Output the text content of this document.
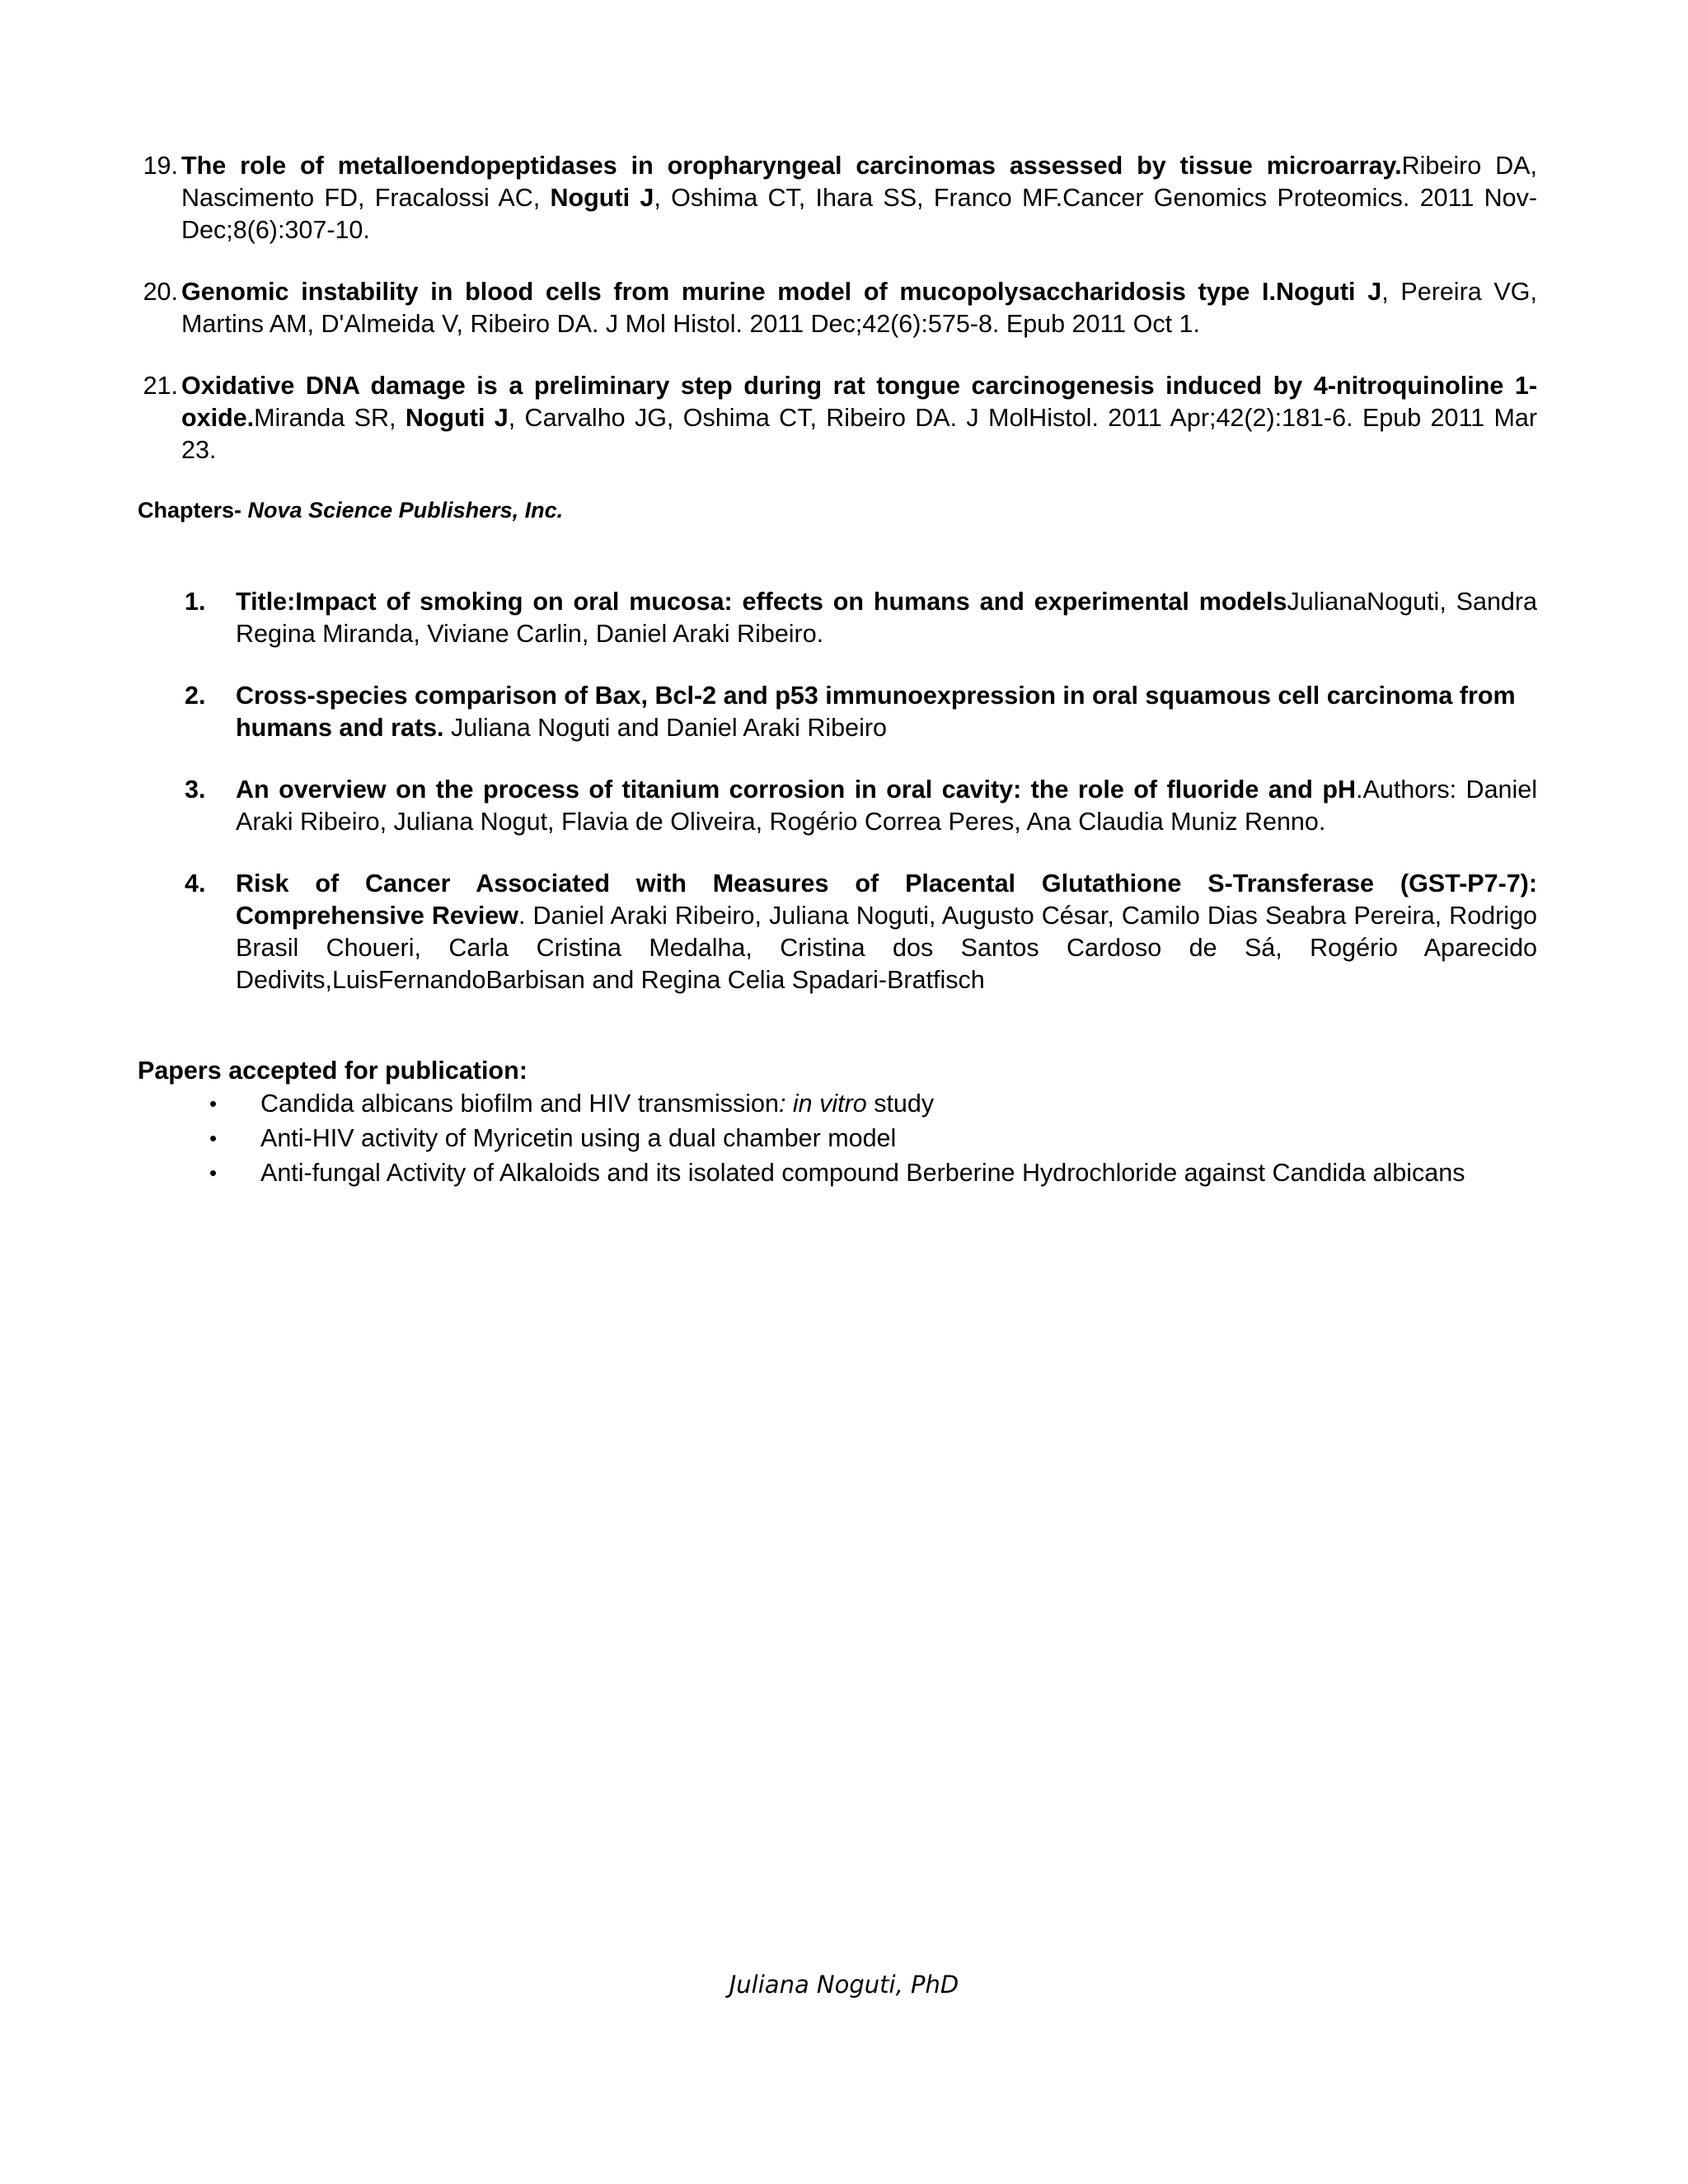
19. The role of metalloendopeptidases in oropharyngeal carcinomas assessed by tissue microarray.Ribeiro DA, Nascimento FD, Fracalossi AC, Noguti J, Oshima CT, Ihara SS, Franco MF.Cancer Genomics Proteomics. 2011 Nov-Dec;8(6):307-10.
20. Genomic instability in blood cells from murine model of mucopolysaccharidosis type I.Noguti J, Pereira VG, Martins AM, D'Almeida V, Ribeiro DA. J Mol Histol. 2011 Dec;42(6):575-8. Epub 2011 Oct 1.
21. Oxidative DNA damage is a preliminary step during rat tongue carcinogenesis induced by 4-nitroquinoline 1-oxide.Miranda SR, Noguti J, Carvalho JG, Oshima CT, Ribeiro DA. J MolHistol. 2011 Apr;42(2):181-6. Epub 2011 Mar 23.
Chapters- Nova Science Publishers, Inc.
1.	Title:Impact of smoking on oral mucosa: effects on humans and experimental modelsJulianaNoguti, Sandra Regina Miranda, Viviane Carlin, Daniel Araki Ribeiro.
2.	Cross-species comparison of Bax, Bcl-2 and p53 immunoexpression in oral squamous cell carcinoma from humans and rats. Juliana Noguti and Daniel Araki Ribeiro
3.	An overview on the process of titanium corrosion in oral cavity: the role of fluoride and pH.Authors: Daniel Araki Ribeiro, Juliana Nogut, Flavia de Oliveira, Rogério Correa Peres, Ana Claudia Muniz Renno.
4.	Risk of Cancer Associated with Measures of Placental Glutathione S-Transferase (GST-P7-7): Comprehensive Review. Daniel Araki Ribeiro, Juliana Noguti, Augusto César, Camilo Dias Seabra Pereira, Rodrigo Brasil Choueri, Carla Cristina Medalha, Cristina dos Santos Cardoso de Sá, Rogério Aparecido Dedivits,LuisFernandoBarbisan and Regina Celia Spadari-Bratfisch
Papers accepted for publication:
• Candida albicans biofilm and HIV transmission: in vitro study
• Anti-HIV activity of Myricetin using a dual chamber model
• Anti-fungal Activity of Alkaloids and its isolated compound Berberine Hydrochloride against Candida albicans
Juliana Noguti, PhD
